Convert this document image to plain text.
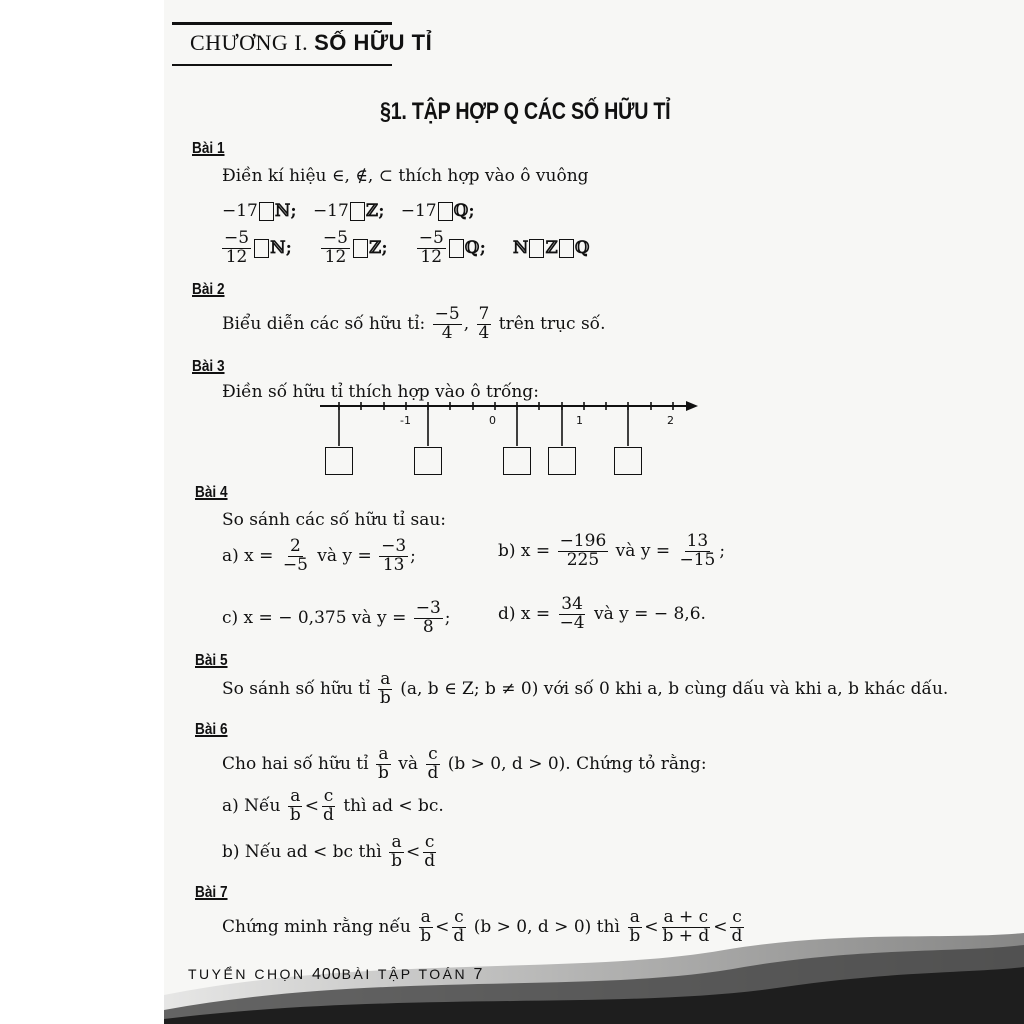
CHƯƠNG I. SỐ HỮU TỈ
§1. TẬP HỢP Q CÁC SỐ HỮU TỈ
Bài 1
Điền kí hiệu ∈, ∉, ⊂ thích hợp vào ô vuông
−17 ℕ; −17 ℤ; −17 ℚ;
$\frac{-5}{12}$ ℕ; $\frac{-5}{12}$ ℤ; $\frac{-5}{12}$ ℚ; ℕ ℤ ℚ
Bài 2
Biểu diễn các số hữu tỉ: $\frac{-5}{4}$ , $\frac{7}{4}$ trên trục số.
Bài 3
Điền số hữu tỉ thích hợp vào ô trống:
-1	0	1	2
Bài 4
So sánh các số hữu tỉ sau:
a) $x = \frac{2}{-5}$ và $y = \frac{-3}{13}$ ;	b) $x = \frac{-196}{225}$ và $y = \frac{13}{-15}$ ;
c) x = − 0,375 và $y = \frac{-3}{8}$ ;	d) $x = \frac{34}{-4}$ và y = − 8,6.
Bài 5
So sánh số hữu tỉ $\frac{a}{b} (a$, b ∈ Z; b ≠ 0) với số 0 khi a, b cùng dấu và khi a, b khác dấu.
Bài 6
Cho hai số hữu tỉ $\frac{a}{b}$ và $\frac{c}{d} (b > 0$, d > 0). Chứng tỏ rằng:
a) Nếu $\frac{a}{b} < \frac{c}{d}$ thì ad < bc.
b) Nếu ad < bc thì $\frac{a}{b} < \frac{c}{d}$
Bài 7
Chứng minh rằng nếu $\frac{a}{b} < \frac{c}{d} (b > 0$, d > 0) thì $\frac{a}{b} < \frac{a + c}{b + d} < \frac{c}{d}$
TUYỂN CHỌN 400BÀI TẬP TOÁN 7
